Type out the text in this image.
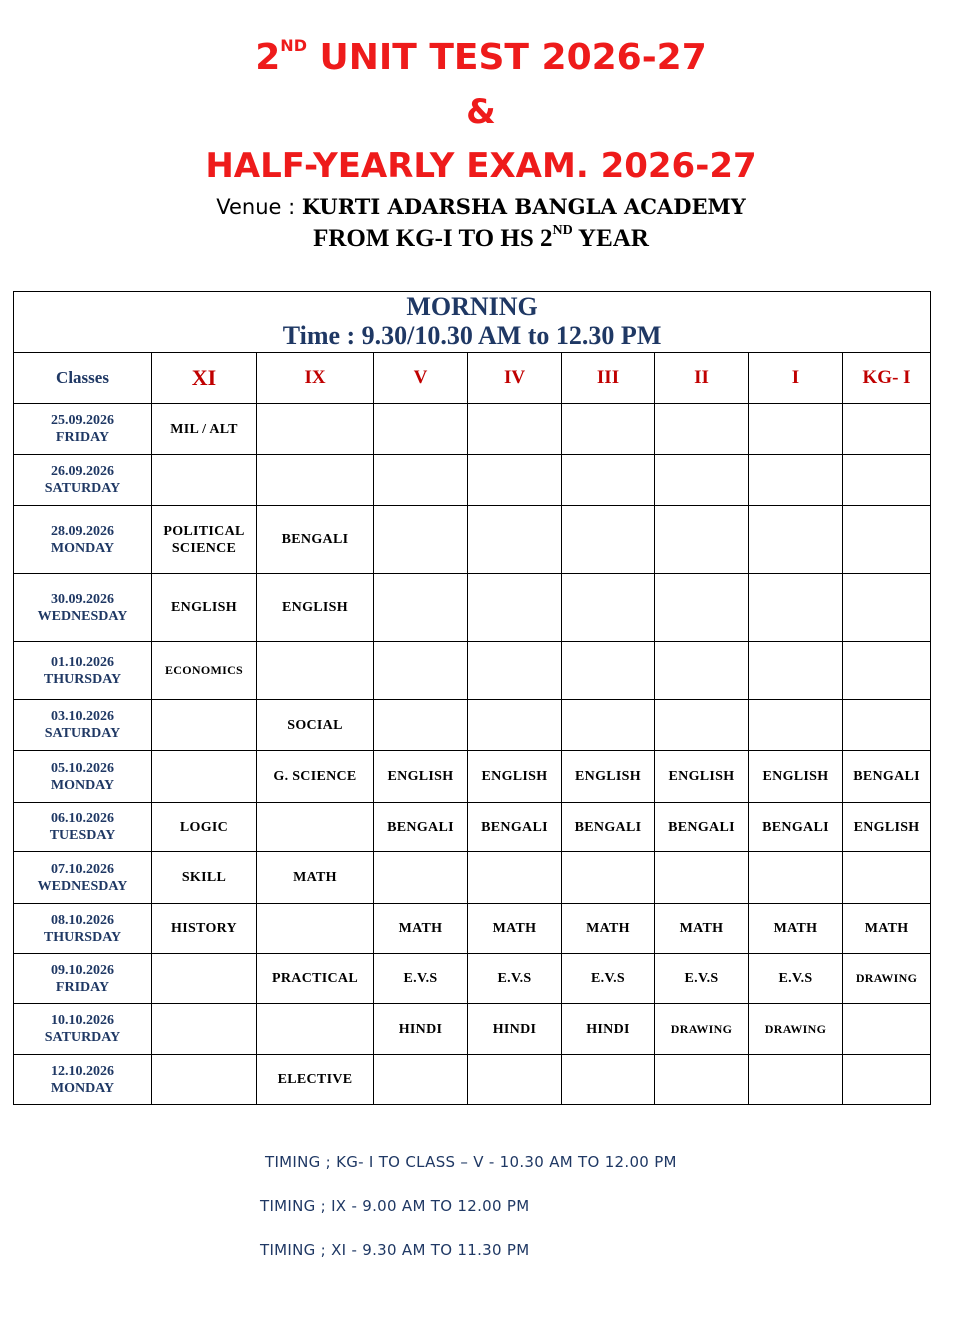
2ND UNIT TEST 2026-27
&
HALF-YEARLY EXAM. 2026-27
Venue : KURTI ADARSHA BANGLA ACADEMY
FROM KG-I TO HS 2ND YEAR
MORNING
Time : 9.30/10.30 AM to 12.30 PM								

Classes	XI	IX	V	IV	III	II	I	KG- I

25.09.2026
FRIDAY	MIL / ALT							

26.09.2026
SATURDAY								

28.09.2026
MONDAY	POLITICAL SCIENCE	BENGALI						

30.09.2026
WEDNESDAY	ENGLISH	ENGLISH						

01.10.2026
THURSDAY	ECONOMICS							

03.10.2026
SATURDAY		SOCIAL						

05.10.2026
MONDAY		G. SCIENCE	ENGLISH	ENGLISH	ENGLISH	ENGLISH	ENGLISH	BENGALI

06.10.2026
TUESDAY	LOGIC		BENGALI	BENGALI	BENGALI	BENGALI	BENGALI	ENGLISH

07.10.2026
WEDNESDAY	SKILL	MATH						

08.10.2026
THURSDAY	HISTORY		MATH	MATH	MATH	MATH	MATH	MATH

09.10.2026
FRIDAY		PRACTICAL	E.V.S	E.V.S	E.V.S	E.V.S	E.V.S	DRAWING

10.10.2026
SATURDAY			HINDI	HINDI	HINDI	DRAWING	DRAWING	

12.10.2026
MONDAY		ELECTIVE						
TIMING ; KG- I TO CLASS – V - 10.30 AM TO 12.00 PM
TIMING ; IX - 9.00 AM TO 12.00 PM
TIMING ; XI - 9.30 AM TO 11.30 PM
